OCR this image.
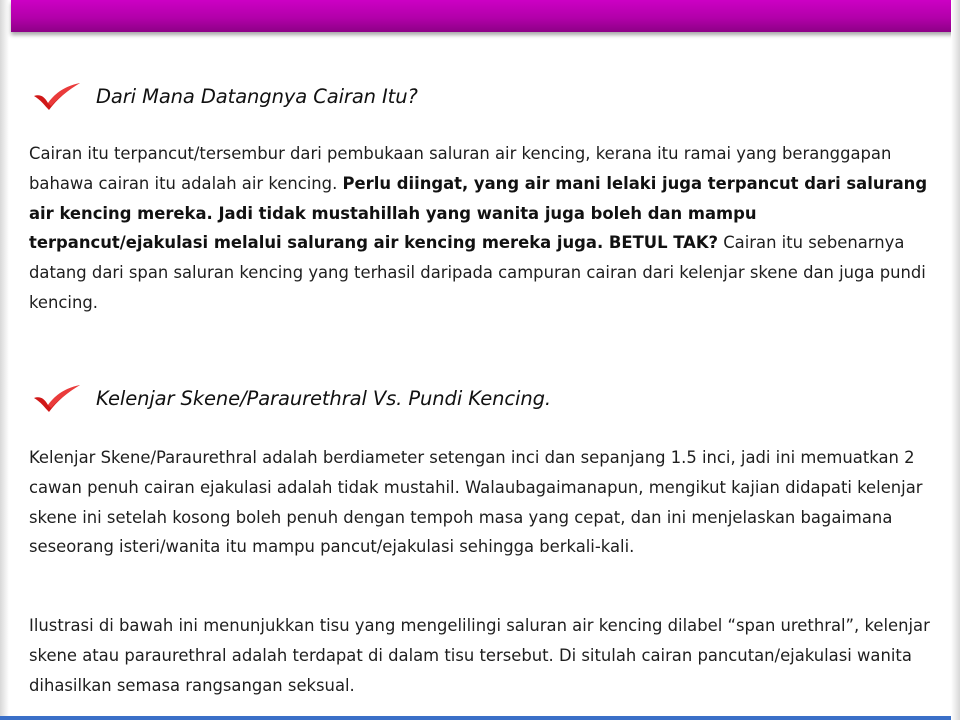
Dari Mana Datangnya Cairan Itu?

Cairan itu terpancut/tersembur dari pembukaan saluran air kencing, kerana itu ramai yang beranggapan bahawa cairan itu adalah air kencing. Perlu diingat, yang air mani lelaki juga terpancut dari salurang air kencing mereka. Jadi tidak mustahillah yang wanita juga boleh dan mampu terpancut/ejakulasi melalui salurang air kencing mereka juga. BETUL TAK? Cairan itu sebenarnya datang dari span saluran kencing yang terhasil daripada campuran cairan dari kelenjar skene dan juga pundi kencing.

Kelenjar Skene/Paraurethral Vs. Pundi Kencing.

Kelenjar Skene/Paraurethral adalah berdiameter setengan inci dan sepanjang 1.5 inci, jadi ini memuatkan 2 cawan penuh cairan ejakulasi adalah tidak mustahil. Walaubagaimanapun, mengikut kajian didapati kelenjar skene ini setelah kosong boleh penuh dengan tempoh masa yang cepat, dan ini menjelaskan bagaimana seseorang isteri/wanita itu mampu pancut/ejakulasi sehingga berkali-kali.

Ilustrasi di bawah ini menunjukkan tisu yang mengelilingi saluran air kencing dilabel “span urethral”, kelenjar skene atau paraurethral adalah terdapat di dalam tisu tersebut. Di situlah cairan pancutan/ejakulasi wanita dihasilkan semasa rangsangan seksual.
